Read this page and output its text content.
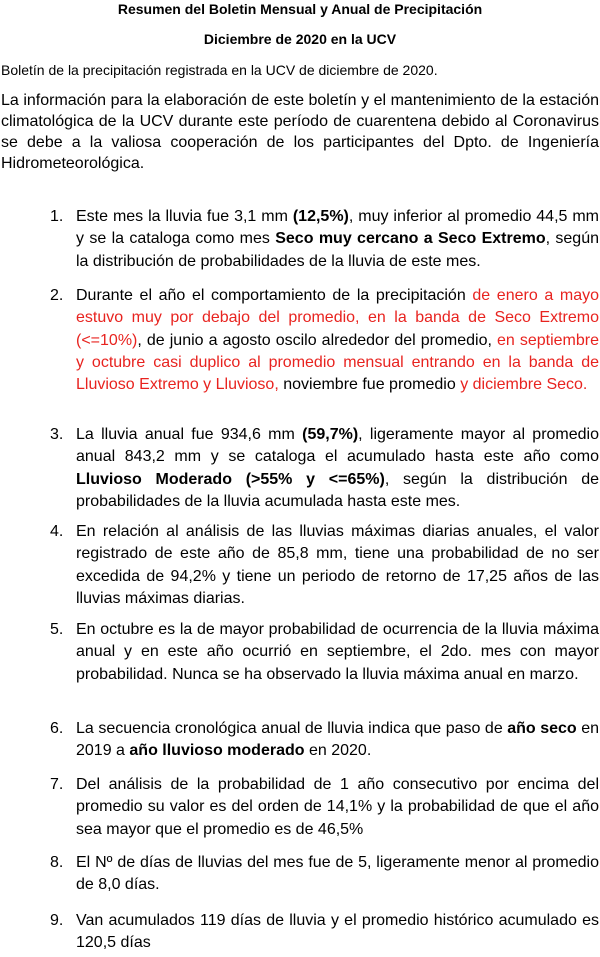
Resumen del Boletin Mensual y Anual de Precipitación
Diciembre de 2020 en la UCV
Boletín de la precipitación registrada en la UCV de diciembre de 2020.
La información para la elaboración de este boletín y el mantenimiento de la estación climatológica de la UCV durante este período de cuarentena debido al Coronavirus se debe a la valiosa cooperación de los participantes del Dpto. de Ingeniería Hidrometeorológica.
1. Este mes la lluvia fue 3,1 mm (12,5%), muy inferior al promedio 44,5 mm y se la cataloga como mes Seco muy cercano a Seco Extremo, según la distribución de probabilidades de la lluvia de este mes.
2. Durante el año el comportamiento de la precipitación de enero a mayo estuvo muy por debajo del promedio, en la banda de Seco Extremo (<=10%), de junio a agosto oscilo alrededor del promedio, en septiembre y octubre casi duplico al promedio mensual entrando en la banda de Lluvioso Extremo y Lluvioso, noviembre fue promedio y diciembre Seco.
3. La lluvia anual fue 934,6 mm (59,7%), ligeramente mayor al promedio anual 843,2 mm y se cataloga el acumulado hasta este año como Lluvioso Moderado (>55% y <=65%), según la distribución de probabilidades de la lluvia acumulada hasta este mes.
4. En relación al análisis de las lluvias máximas diarias anuales, el valor registrado de este año de 85,8 mm, tiene una probabilidad de no ser excedida de 94,2% y tiene un periodo de retorno de 17,25 años de las lluvias máximas diarias.
5. En octubre es la de mayor probabilidad de ocurrencia de la lluvia máxima anual y en este año ocurrió en septiembre, el 2do. mes con mayor probabilidad. Nunca se ha observado la lluvia máxima anual en marzo.
6. La secuencia cronológica anual de lluvia indica que paso de año seco en 2019 a año lluvioso moderado en 2020.
7. Del análisis de la probabilidad de 1 año consecutivo por encima del promedio su valor es del orden de 14,1% y la probabilidad de que el año sea mayor que el promedio es de 46,5%
8. El Nº de días de lluvias del mes fue de 5, ligeramente menor al promedio de 8,0 días.
9. Van acumulados 119 días de lluvia y el promedio histórico acumulado es 120,5 días
